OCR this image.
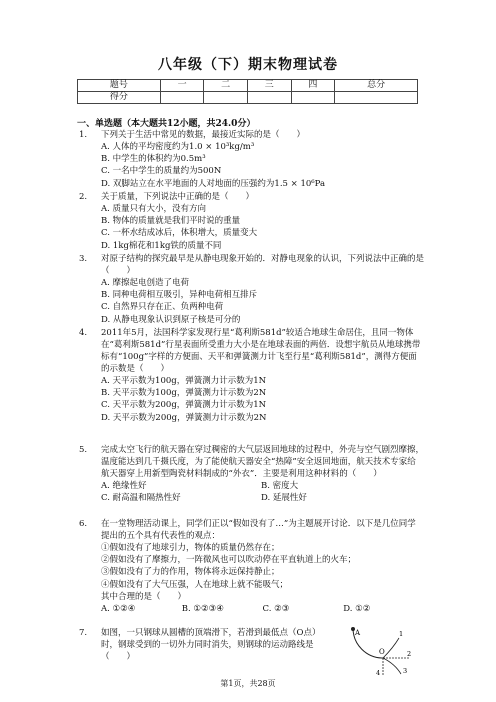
八年级（下）期末物理试卷
题号	一	二	三	四	总分
得分					
一、单选题（本大题共12小题，共24.0分）
1. 下列关于生活中常见的数据，最接近实际的是（　　）
A. 人体的平均密度约为1.0 × 10³kg/m³
B. 中学生的体积约为0.5m³
C. 一名中学生的质量约为500N
D. 双脚站立在水平地面的人对地面的压强约为1.5 × 10⁶Pa
2. 关于质量，下列说法中正确的是（　　）
A. 质量只有大小，没有方向
B. 物体的质量就是我们平时说的重量
C. 一杯水结成冰后，体积增大，质量变大
D. 1kg棉花和1kg铁的质量不同
3. 对原子结构的探究最早是从静电现象开始的．对静电现象的认识，下列说法中正确的是（　　）
A. 摩擦起电创造了电荷
B. 同种电荷相互吸引，异种电荷相互排斥
C. 自然界只存在正、负两种电荷
D. 从静电现象认识到原子核是可分的
4. 2011年5月，法国科学家发现行星“葛利斯581d”较适合地球生命居住，且同一物体在“葛利斯581d”行星表面所受重力大小是在地球表面的两倍．设想宇航员从地球携带标有“100g”字样的方便面、天平和弹簧测力计飞至行星“葛利斯581d”，测得方便面的示数是（　　）
A. 天平示数为100g，弹簧测力计示数为1N
B. 天平示数为100g，弹簧测力计示数为2N
C. 天平示数为200g，弹簧测力计示数为1N
D. 天平示数为200g，弹簧测力计示数为2N
5. 完成太空飞行的航天器在穿过稠密的大气层返回地球的过程中，外壳与空气剧烈摩擦，温度能达到几千摄氏度，为了能使航天器安全“热障”安全返回地面，航天技术专家给航天器穿上用新型陶瓷材料制成的“外衣”．主要是利用这种材料的（　　）
A. 绝缘性好	B. 密度大
C. 耐高温和隔热性好	D. 延展性好
6. 在一堂物理活动课上，同学们正以“假如没有了…”为主题展开讨论．以下是几位同学提出的五个具有代表性的观点：
①假如没有了地球引力，物体的质量仍然存在；
②假如没有了摩擦力，一阵微风也可以吹动停在平直轨道上的火车；
③假如没有了力的作用，物体将永远保持静止；
④假如没有了大气压强，人在地球上就不能吸气；
其中合理的是（　　）
A. ①②④	B. ①②③④	C. ②③	D. ①②
7. 如图，一只钢球从圆槽的顶端滑下，若滑到最低点（O点）时，钢球受到的一切外力同时消失，则钢球的运动路线是（　　）
A
O
1
2
3
4
第1页，共28页
